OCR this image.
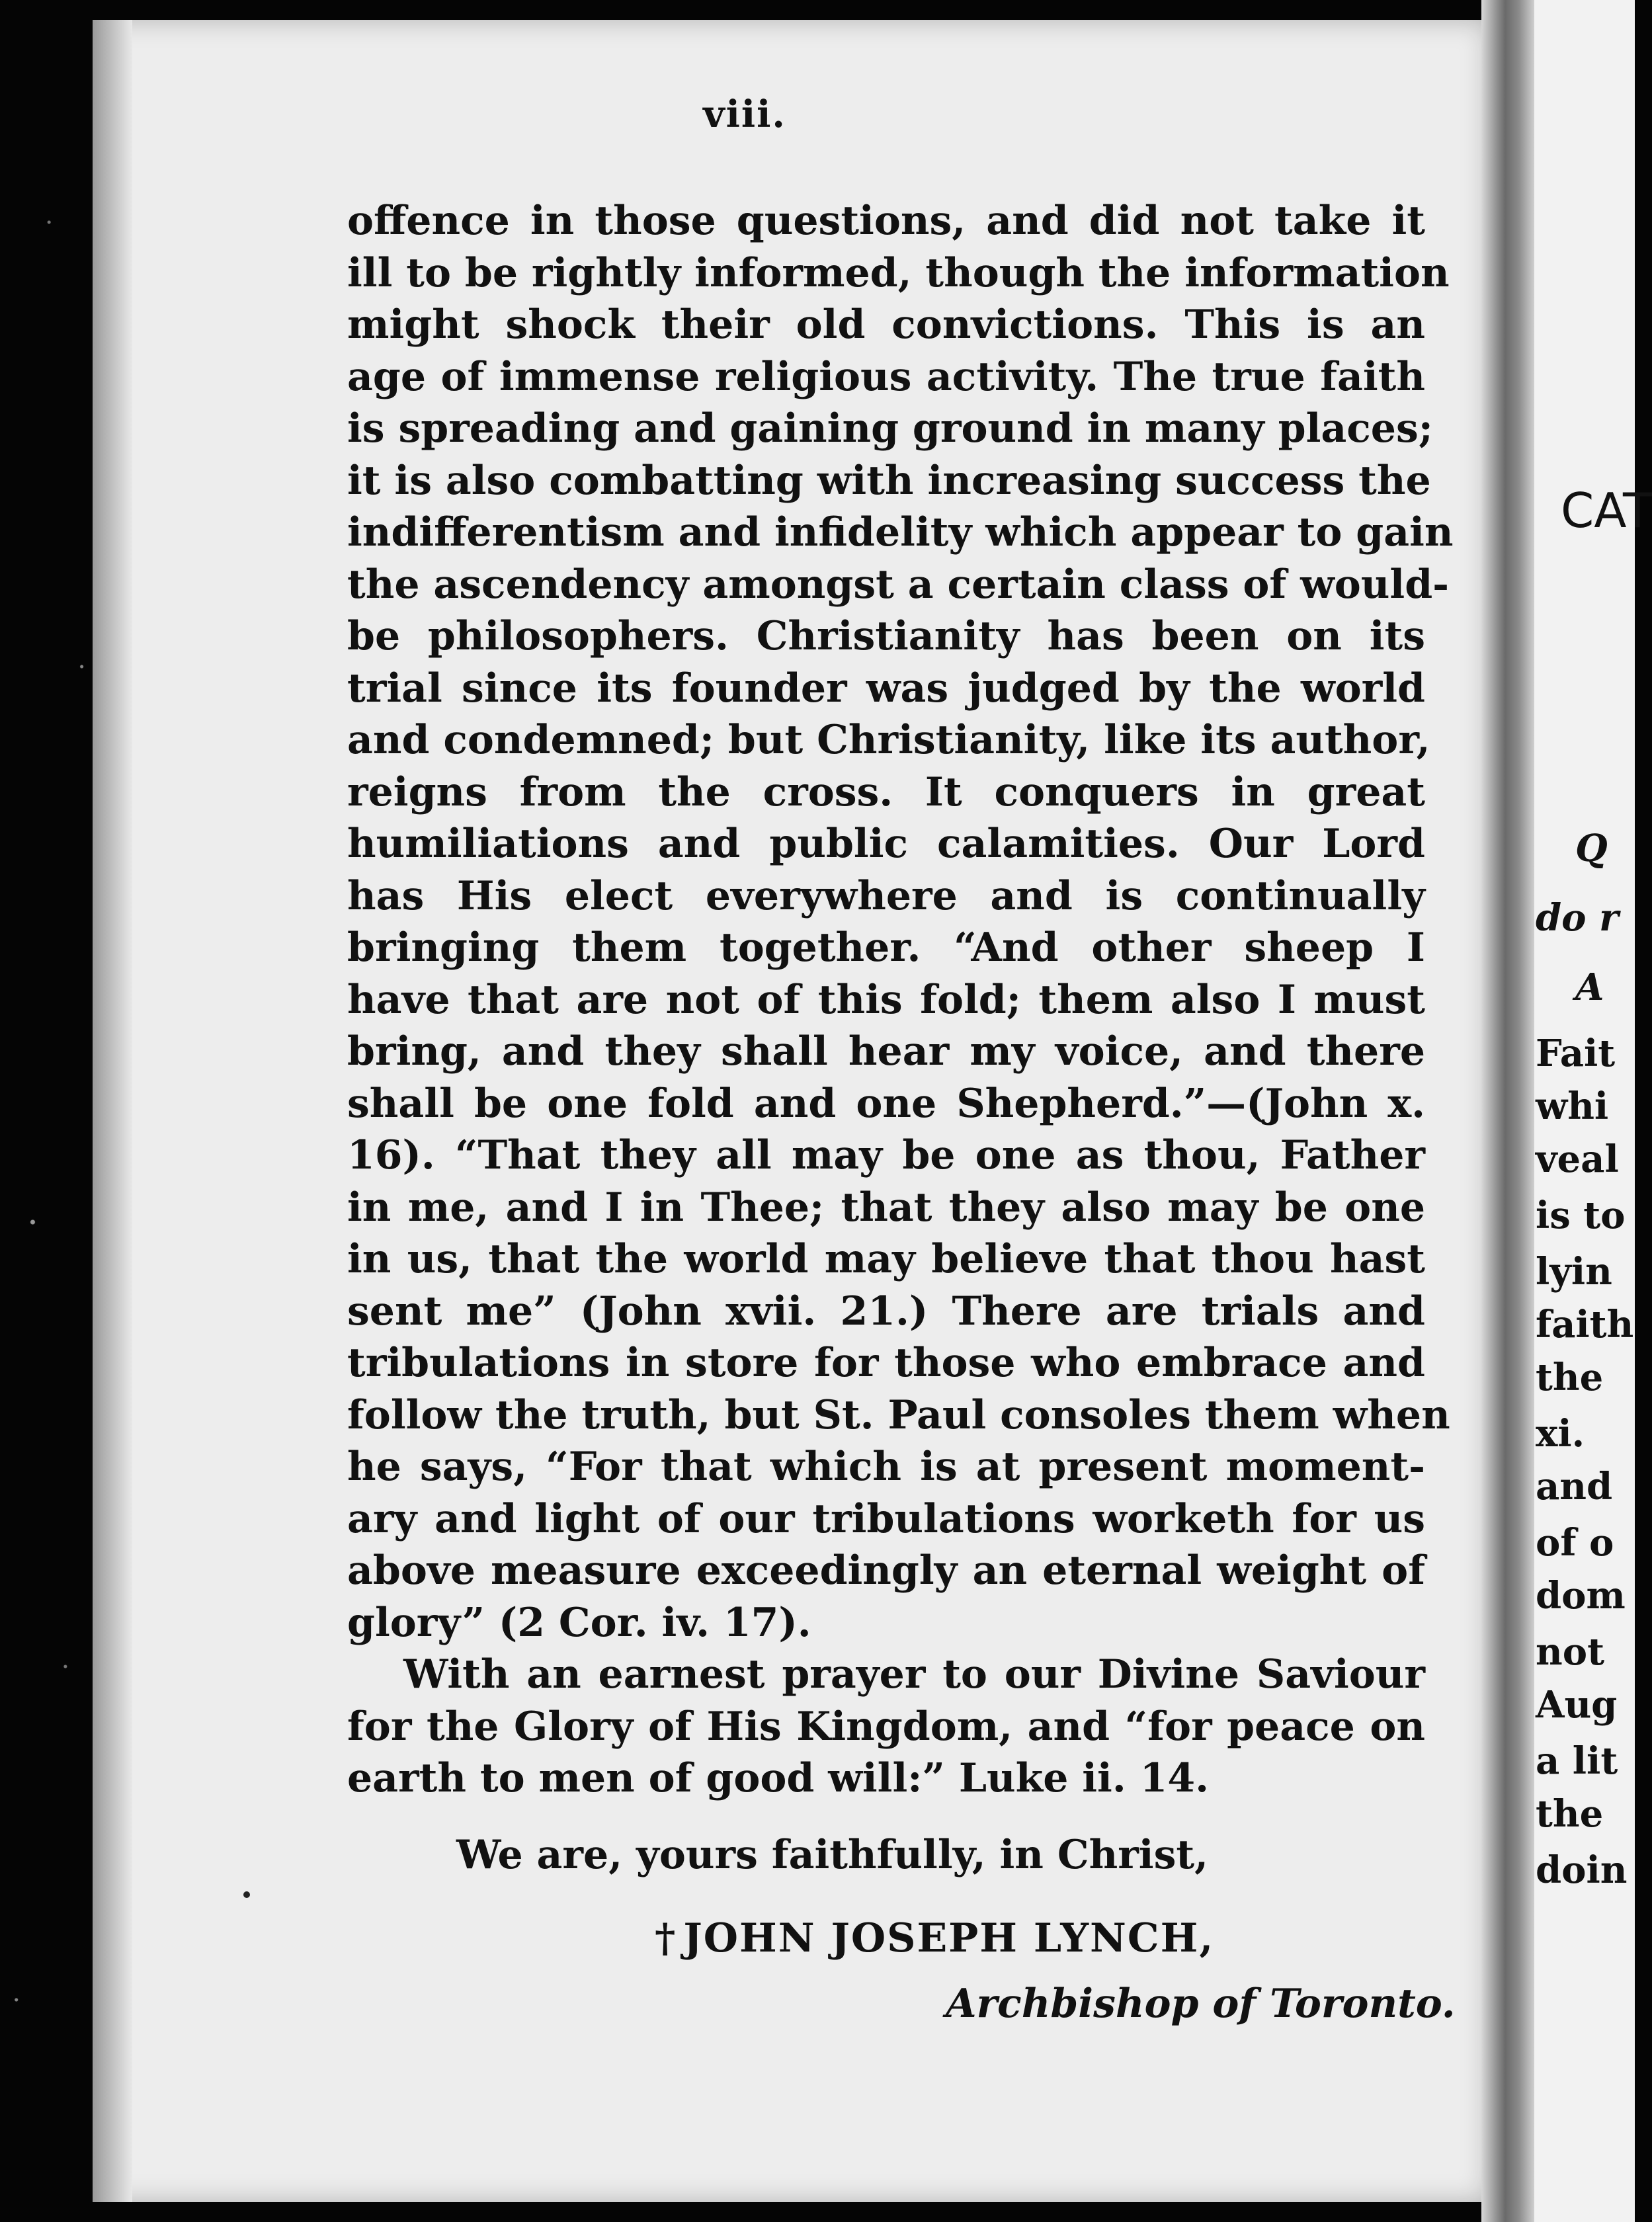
CAT
Q
do r
A
Fait
whi
veal
is to
lyin
faith
the
xi.
and
of o
dom
not
Aug
a lit
the
doin
viii.
offence in those questions, and did not take it
ill to be rightly informed, though the information
might shock their old convictions. This is an
age of immense religious activity. The true faith
is spreading and gaining ground in many places;
it is also combatting with increasing success the
indifferentism and infidelity which appear to gain
the ascendency amongst a certain class of would-
be philosophers. Christianity has been on its
trial since its founder was judged by the world
and condemned; but Christianity, like its author,
reigns from the cross. It conquers in great
humiliations and public calamities. Our Lord
has His elect everywhere and is continually
bringing them together. “And other sheep I
have that are not of this fold; them also I must
bring, and they shall hear my voice, and there
shall be one fold and one Shepherd.”—(John x.
16). “That they all may be one as thou, Father
in me, and I in Thee; that they also may be one
in us, that the world may believe that thou hast
sent me” (John xvii. 21.) There are trials and
tribulations in store for those who embrace and
follow the truth, but St. Paul consoles them when
he says, “For that which is at present moment-
ary and light of our tribulations worketh for us
above measure exceedingly an eternal weight of
glory” (2 Cor. iv. 17).
With an earnest prayer to our Divine Saviour
for the Glory of His Kingdom, and “for peace on
earth to men of good will:” Luke ii. 14.
We are, yours faithfully, in Christ,
† JOHN JOSEPH LYNCH,
Archbishop of Toronto.
